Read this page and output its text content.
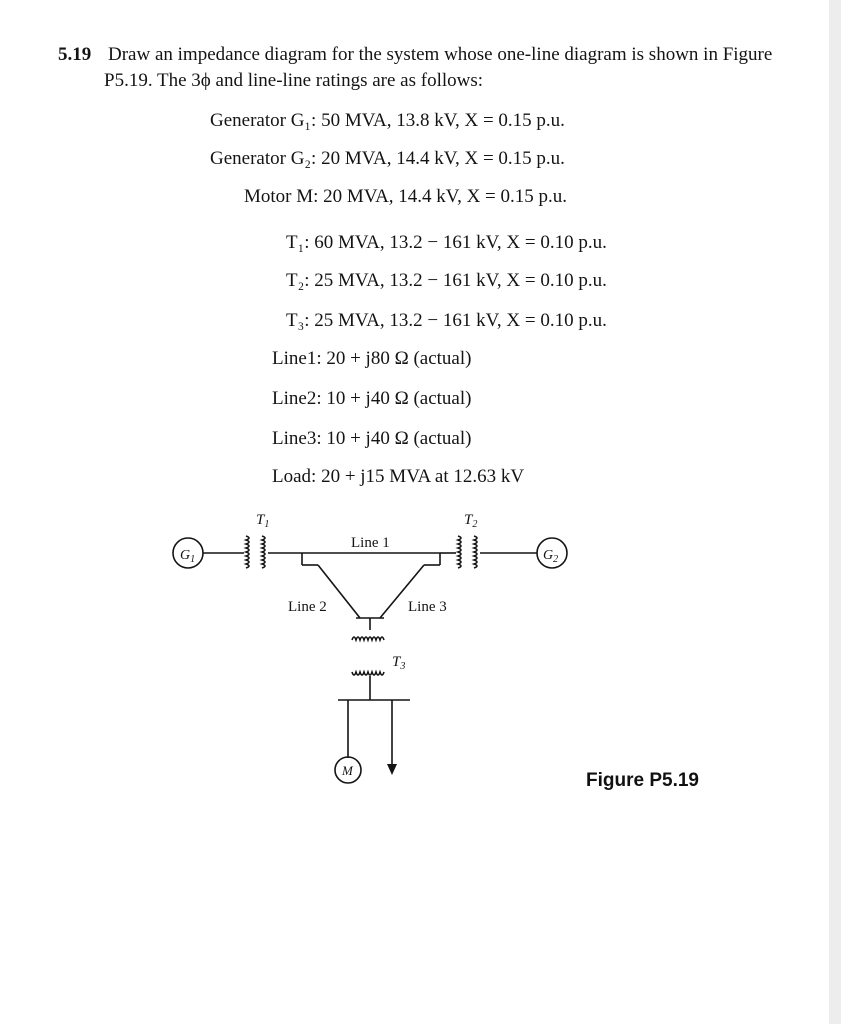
5.19 Draw an impedance diagram for the system whose one-line diagram is shown in Figure
P5.19. The 3ϕ and line-line ratings are as follows:
Generator G₁: 50 MVA, 13.8 kV, X = 0.15 p.u.
Generator G₂: 20 MVA, 14.4 kV, X = 0.15 p.u.
Motor M: 20 MVA, 14.4 kV, X = 0.15 p.u.
T₁: 60 MVA, 13.2 − 161 kV, X = 0.10 p.u.
T₂: 25 MVA, 13.2 − 161 kV, X = 0.10 p.u.
T₃: 25 MVA, 13.2 − 161 kV, X = 0.10 p.u.
Line1: 20 + j80 Ω (actual)
Line2: 10 + j40 Ω (actual)
Line3: 10 + j40 Ω (actual)
Load: 20 + j15 MVA at 12.63 kV
$G_1$	$G_2$
$T_1$	$T_2$
$T_3$
Line 1
Line 2	Line 3
M	Figure P5.19
